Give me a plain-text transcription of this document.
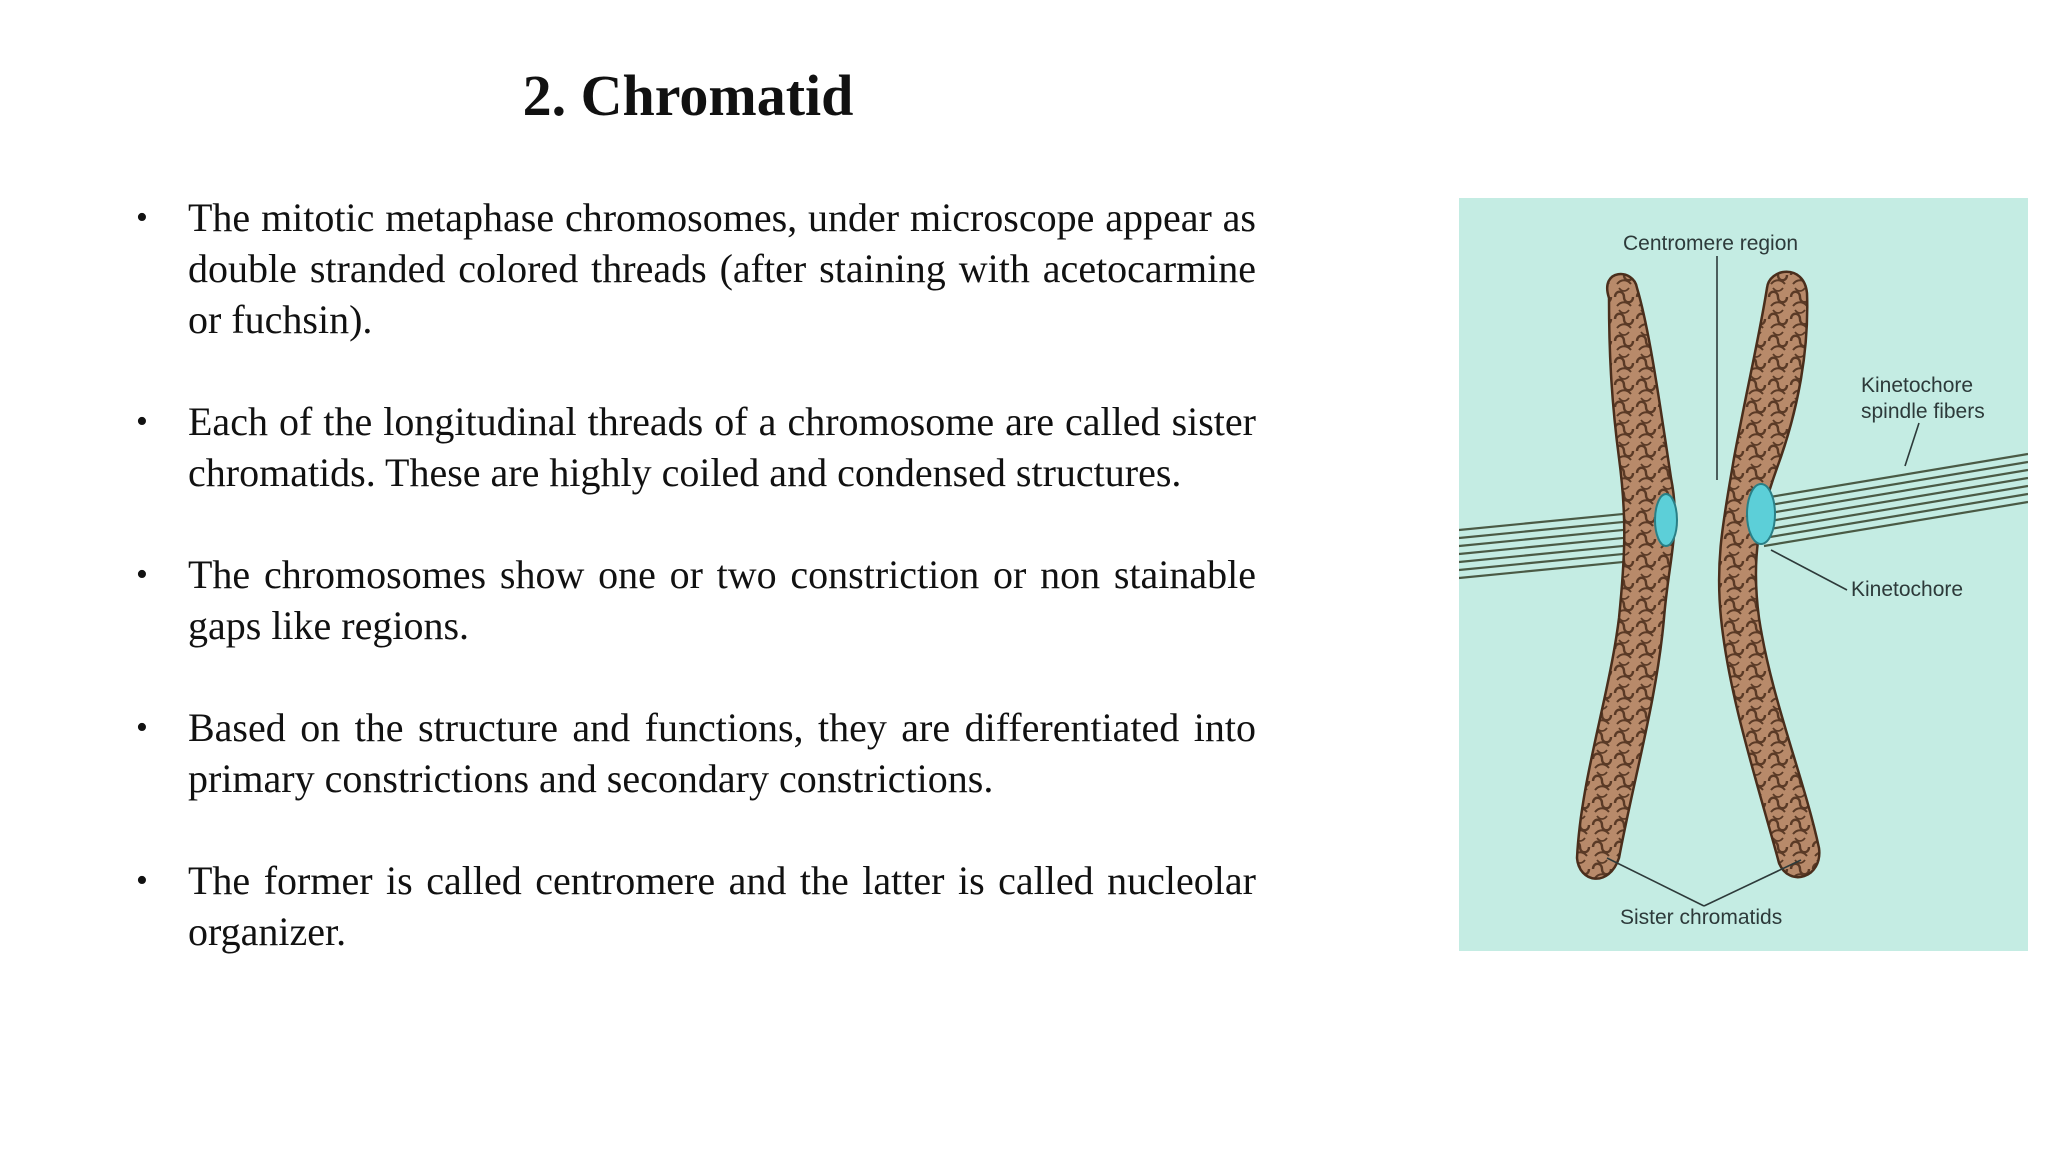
2. Chromatid
•	The mitotic metaphase chromosomes, under microscope appear as double stranded colored threads (after staining with acetocarmine or fuchsin).
•	Each of the longitudinal threads of a chromosome are called sister chromatids. These are highly coiled and condensed structures.
•	The chromosomes show one or two constriction or non stainable gaps like regions.
•	Based on the structure and functions, they are differentiated into primary constrictions and secondary constrictions.
•	The former is called centromere and the latter is called nucleolar organizer.
Centromere region
Kinetochore
spindle fibers
Kinetochore
Sister chromatids
